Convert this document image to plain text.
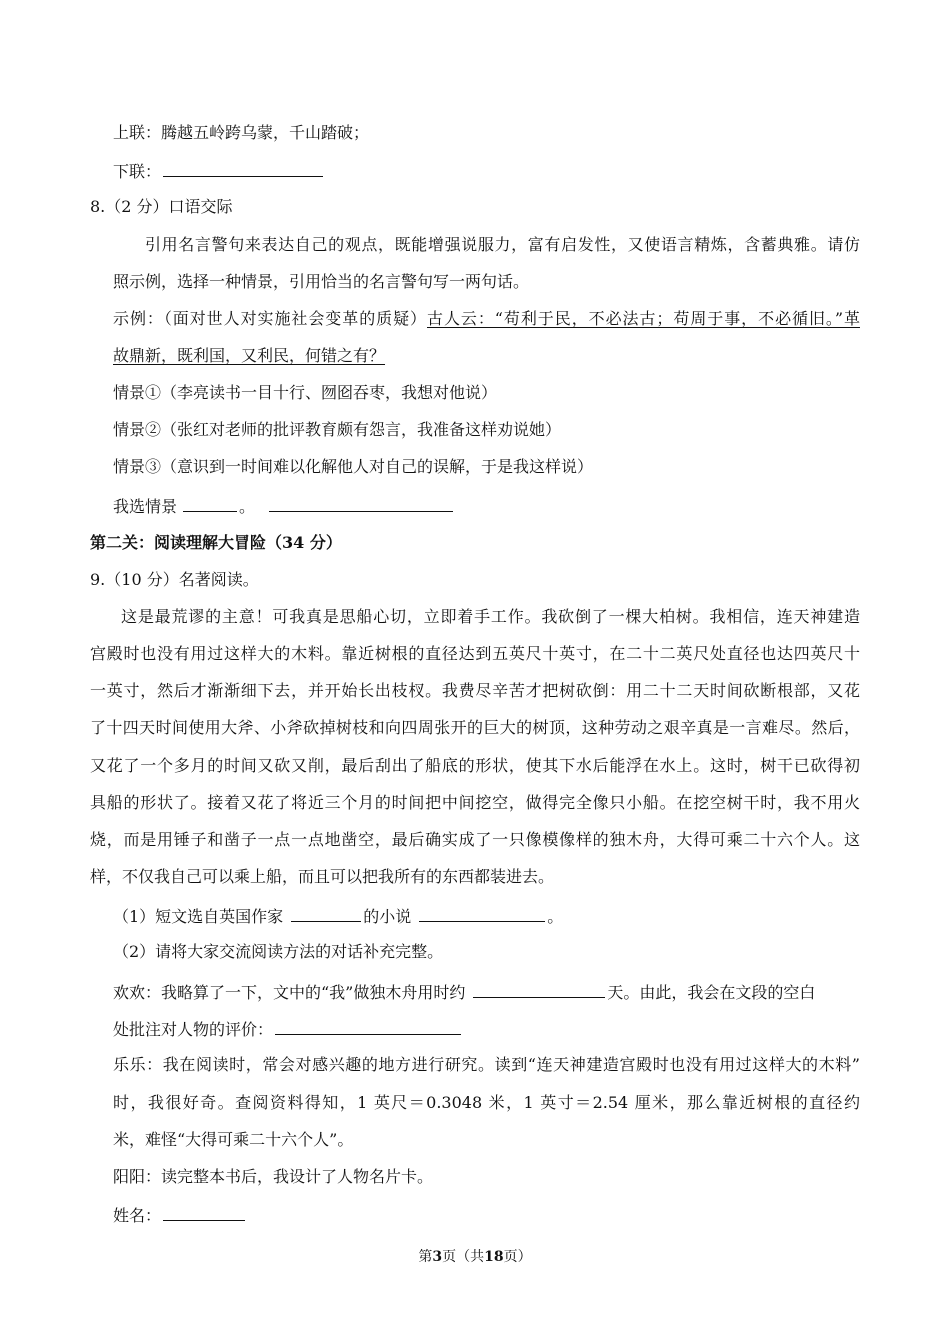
上联：腾越五岭跨乌蒙，千山踏破；
下联：
8.（2 分）口语交际
引用名言警句来表达自己的观点，既能增强说服力，富有启发性，又使语言精炼，含蓄典雅。请仿
照示例，选择一种情景，引用恰当的名言警句写一两句话。
示例：（面对世人对实施社会变革的质疑）古人云：“苟利于民，不必法古；苟周于事，不必循旧。”革
故鼎新，既利国，又利民，何错之有？
情景①（李亮读书一目十行、囫囵吞枣，我想对他说）
情景②（张红对老师的批评教育颇有怨言，我准备这样劝说她）
情景③（意识到一时间难以化解他人对自己的误解，于是我这样说）
我选情景	。
第二关：阅读理解大冒险（34 分）
9.（10 分）名著阅读。
这是最荒谬的主意！可我真是思船心切，立即着手工作。我砍倒了一棵大柏树。我相信，连天神建造
宫殿时也没有用过这样大的木料。靠近树根的直径达到五英尺十英寸，在二十二英尺处直径也达四英尺十
一英寸，然后才渐渐细下去，并开始长出枝杈。我费尽辛苦才把树砍倒：用二十二天时间砍断根部，又花
了十四天时间使用大斧、小斧砍掉树枝和向四周张开的巨大的树顶，这种劳动之艰辛真是一言难尽。然后，
又花了一个多月的时间又砍又削，最后刮出了船底的形状，使其下水后能浮在水上。这时，树干已砍得初
具船的形状了。接着又花了将近三个月的时间把中间挖空，做得完全像只小船。在挖空树干时，我不用火
烧，而是用锤子和凿子一点一点地凿空，最后确实成了一只像模像样的独木舟，大得可乘二十六个人。这
样，不仅我自己可以乘上船，而且可以把我所有的东西都装进去。
（1）短文选自英国作家	的小说	。
（2）请将大家交流阅读方法的对话补充完整。
欢欢：我略算了一下，文中的“我”做独木舟用时约	天。由此，我会在文段的空白
处批注对人物的评价：
乐乐：我在阅读时，常会对感兴趣的地方进行研究。读到“连天神建造宫殿时也没有用过这样大的木料”
时，我很好奇。查阅资料得知，1 英尺＝0.3048 米，1 英寸＝2.54 厘米，那么靠近树根的直径约
米，难怪“大得可乘二十六个人”。
阳阳：读完整本书后，我设计了人物名片卡。
姓名：
第3页（共18页）
